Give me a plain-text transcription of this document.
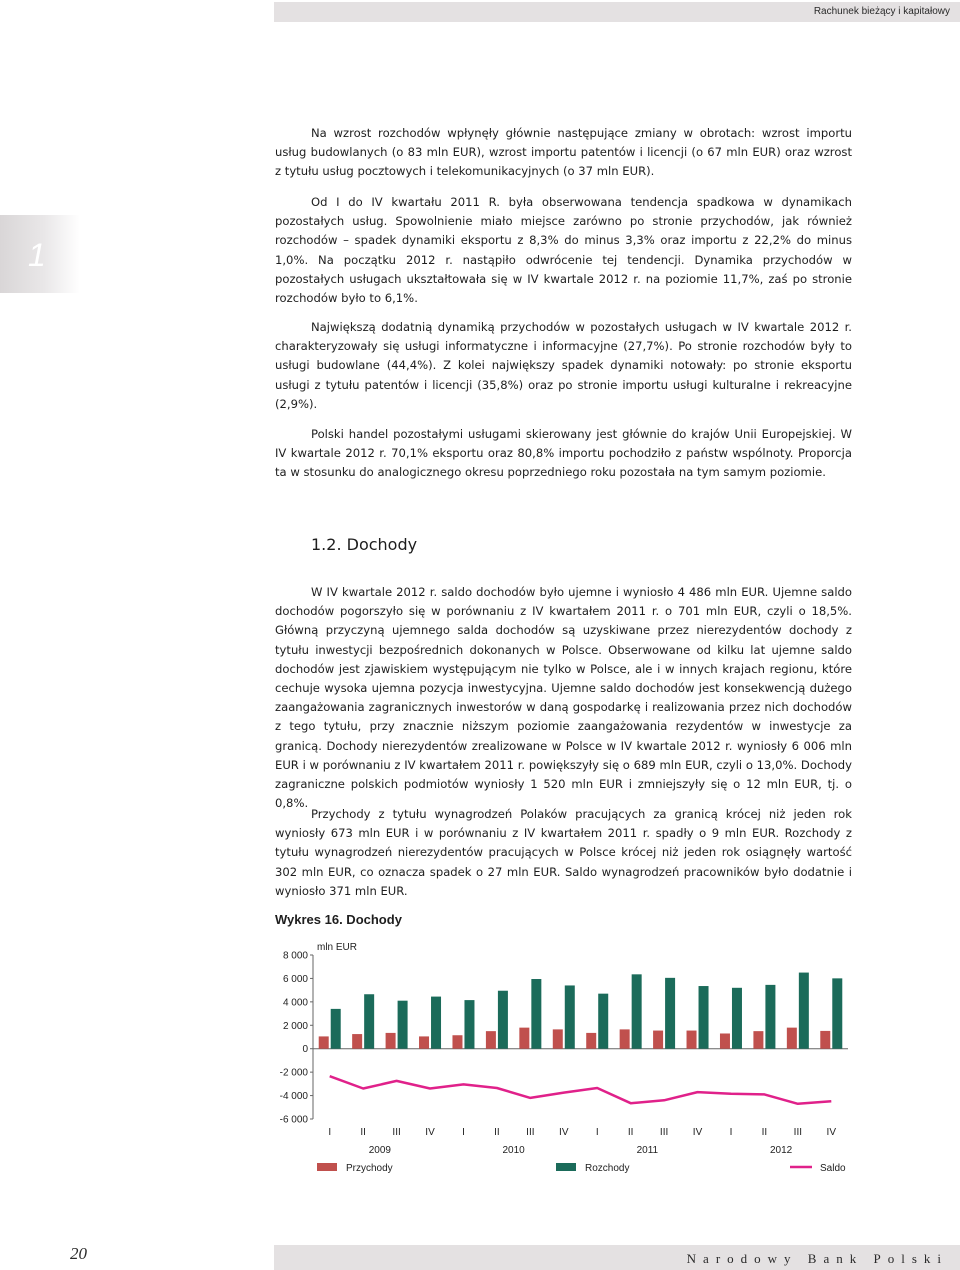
Rachunek bieżący i kapitałowy
1

Na wzrost rozchodów wpłynęły głównie następujące zmiany w obrotach: wzrost importu usług budowlanych (o 83 mln EUR), wzrost importu patentów i licencji (o 67 mln EUR) oraz wzrost z tytułu usług pocztowych i telekomunikacyjnych (o 37 mln EUR).

Od I do IV kwartału 2011 R. była obserwowana tendencja spadkowa w dynamikach pozostałych usług. Spowolnienie miało miejsce zarówno po stronie przychodów, jak również rozchodów – spadek dynamiki eksportu z 8,3% do minus 3,3% oraz importu z 22,2% do minus 1,0%. Na początku 2012 r. nastąpiło odwrócenie tej tendencji. Dynamika przychodów w pozostałych usługach ukształtowała się w IV kwartale 2012 r. na poziomie 11,7%, zaś po stronie rozchodów było to 6,1%.

Największą dodatnią dynamiką przychodów w pozostałych usługach w IV kwartale 2012 r. charakteryzowały się usługi informatyczne i informacyjne (27,7%). Po stronie rozchodów były to usługi budowlane (44,4%). Z kolei największy spadek dynamiki notowały: po stronie eksportu usługi z tytułu patentów i licencji (35,8%) oraz po stronie importu usługi kulturalne i rekreacyjne (2,9%).

Polski handel pozostałymi usługami skierowany jest głównie do krajów Unii Europejskiej. W IV kwartale 2012 r. 70,1% eksportu oraz 80,8% importu pochodziło z państw wspólnoty. Proporcja ta w stosunku do analogicznego okresu poprzedniego roku pozostała na tym samym poziomie.

1.2. Dochody

W IV kwartale 2012 r. saldo dochodów było ujemne i wyniosło 4 486 mln EUR. Ujemne saldo dochodów pogorszyło się w porównaniu z IV kwartałem 2011 r. o 701 mln EUR, czyli o 18,5%. Główną przyczyną ujemnego salda dochodów są uzyskiwane przez nierezydentów dochody z tytułu inwestycji bezpośrednich dokonanych w Polsce. Obserwowane od kilku lat ujemne saldo dochodów jest zjawiskiem występującym nie tylko w Polsce, ale i w innych krajach regionu, które cechuje wysoka ujemna pozycja inwestycyjna. Ujemne saldo dochodów jest konsekwencją dużego zaangażowania zagranicznych inwestorów w daną gospodarkę i realizowania przez nich dochodów z tego tytułu, przy znacznie niższym poziomie zaangażowania rezydentów w inwestycje za granicą. Dochody nierezydentów zrealizowane w Polsce w IV kwartale 2012 r. wyniosły 6 006 mln EUR i w porównaniu z IV kwartałem 2011 r. powiększyły się o 689 mln EUR, czyli o 13,0%. Dochody zagraniczne polskich podmiotów wyniosły 1 520 mln EUR i zmniejszyły się o 12 mln EUR, tj. o 0,8%.

Przychody z tytułu wynagrodzeń Polaków pracujących za granicą krócej niż jeden rok wyniosły 673 mln EUR i w porównaniu z IV kwartałem 2011 r. spadły o 9 mln EUR. Rozchody z tytułu wynagrodzeń nierezydentów pracujących w Polsce krócej niż jeden rok osiągnęły wartość 302 mln EUR, co oznacza spadek o 27 mln EUR. Saldo wynagrodzeń pracowników było dodatnie i wyniosło 371 mln EUR.

Wykres 16. Dochody
mln EUR
8 000
6 000
4 000
2 000
0
-2 000
-4 000
-6 000
I	II	III IV	I	II	III IV	I	II	III IV	I	II	III IV
2009	2010	2011	2012
Przychody	Rozchody	Saldo
20	Narodowy Bank Polski
